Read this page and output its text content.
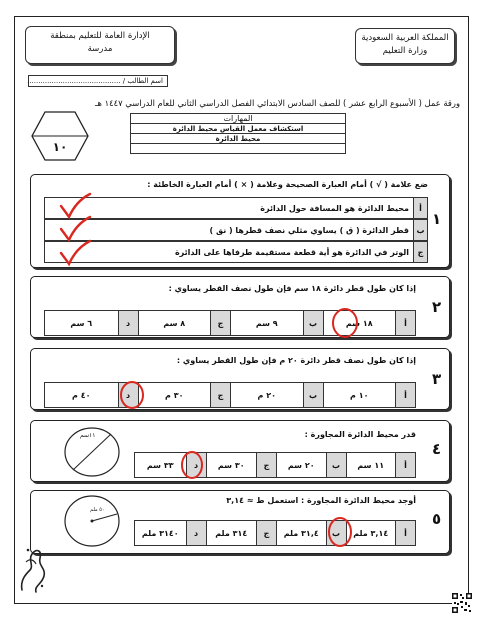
المملكة العربية السعودية
وزارة التعليم
الإدارة العامة للتعليم بمنطقة
مدرسة
اسم الطالب / ..........................................
ورقة عمل ( الأسبوع الرابع عشر ) للصف السادس الابتدائي الفصل الدراسي الثاني للعام الدراسي ١٤٤٧ هـ
١٠
المهارات
استكشاف معمل القياس محيط الدائرة
محيط الدائرة

١
ضع علامة ( √ ) أمام العبارة الصحيحة وعلامة ( × ) أمام العبارة الخاطئة :
أ
محيط الدائرة هو المسافة حول الدائرة
ب
قطر الدائرة ( ق ) يساوي مثلي نصف قطرها ( نق )
ج
الوتر في الدائرة هو أية قطعة مستقيمة طرفاها على الدائرة
٢
إذا كان طول قطر دائرة ١٨ سم فإن طول نصف القطر يساوي :
أ
١٨ سم
ب
٩ سم
ج
٨ سم
د
٦ سم
٣
إذا كان طول نصف قطر دائرة ٢٠ م فإن طول القطر يساوي :
أ
١٠ م
ب
٢٠ م
ج
٣٠ م
د
٤٠ م
٤
قدر محيط الدائرة المجاورة :
١١سم
أ
١١ سم
ب
٢٠ سم
ج
٣٠ سم
د
٣٣ سم
٥
أوجد محيط الدائرة المجاورة : استعمل ط ≈ ٣,١٤
٥٠ ملم
أ
٣,١٤ ملم
ب
٣١,٤ ملم
ج
٣١٤ ملم
د
٣١٤٠ ملم
